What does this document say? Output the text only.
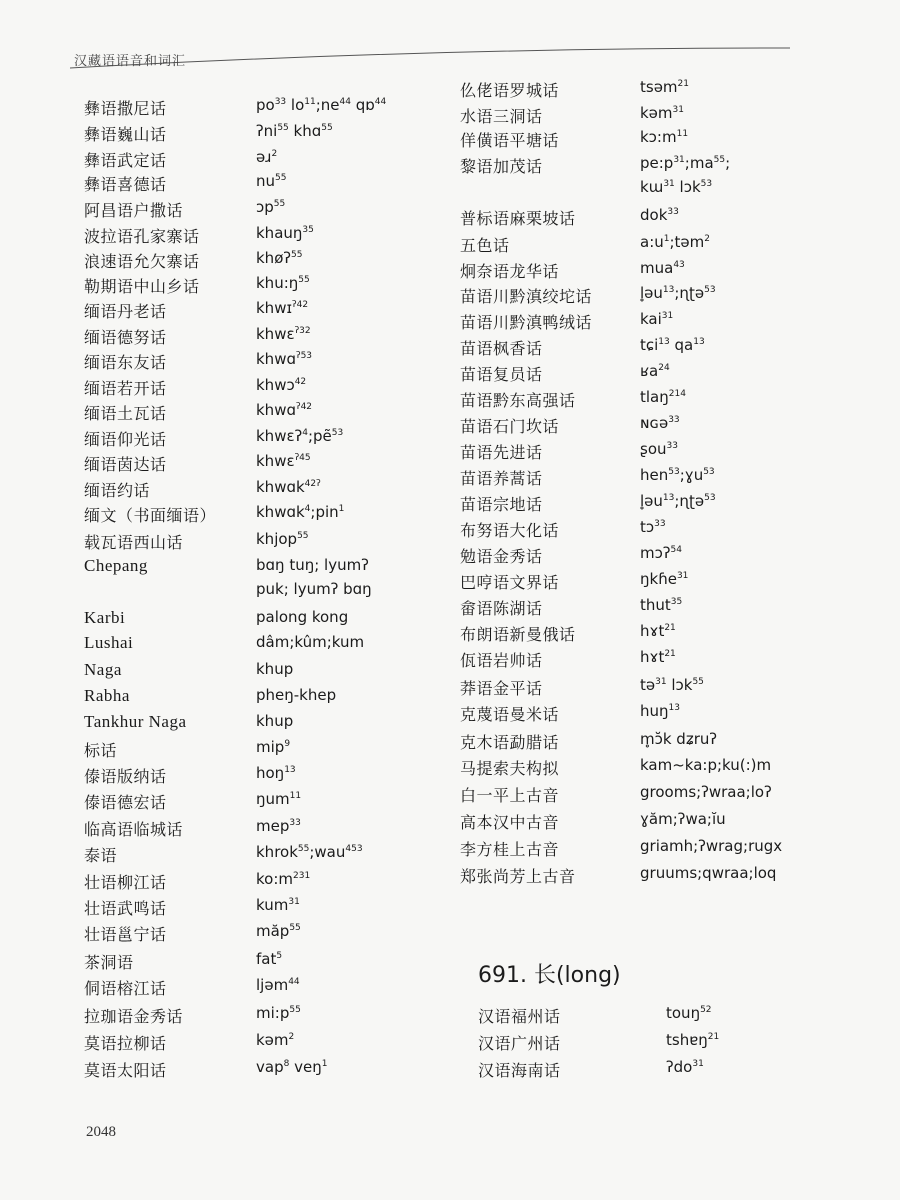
汉藏语语音和词汇
彝语撒尼话	$po^{33}$ $lo^{11};ne^{44}$ qɒ$^{44}$
彝语巍山话	ʔni$^{55}$ khɑ$^{55}$
彝语武定话	əɹ$^2$
彝语喜德话	$nu^{55}$
阿昌语户撒话	ɔp$^{55}$
波拉语孔家寨话	khauŋ$^{35}$
浪速语允欠寨话	khøʔ$^{55}$
勒期语中山乡话	$khu:ŋ^{55}$
缅语丹老话	khwɪ$^{ʔ42}$
缅语德努话	khwɛ$^{ʔ32}$
缅语东友话	khwɑ$^{ʔ53}$
缅语若开话	khwɔ$^{42}$
缅语土瓦话	khwɑ$^{ʔ42}$
缅语仰光话	khwɛʔ$^4$;pẽ$^{53}$
缅语茵达话	khwɛ$^{ʔ45}$
缅语约话	khwɑk$^{42ʔ}$
缅文（书面缅语）	khwɑk$^4$;pin$^1$
载瓦语西山话	khjop$^{55}$
Chepang	bɑŋ tuŋ; lyumʔ
puk; lyumʔ bɑŋ
Karbi	palong kong
Lushai	dâm;kûm;kum
Naga	khup
Rabha	pheŋ-khep
Tankhur Naga	khup
标话	mip$^9$
傣语版纳话	hoŋ$^{13}$
傣语德宏话	ŋum$^{11}$
临高语临城话	mep$^{33}$
泰语	khrok$^{55}$;wau$^{453}$
壮语柳江话	$ko:m^{231}$
壮语武鸣话	kum$^{31}$
壮语邕宁话	măp$^{55}$
茶洞语	fat$^5$
侗语榕江话	ljəm$^{44}$
拉珈语金秀话	$mi:p^{55}$
莫语拉柳话	kəm$^2$
莫语太阳话	vap$^8$ veŋ$^1$
仫佬语罗城话	tsəm$^{21}$
水语三洞话	kəm$^{31}$
佯僙语平塘话	$kɔ:m^{11}$
黎语加茂话	$pe:p^{31};ma^{55}$;
kɯ$^{31}$ lɔk$^{53}$
普标语麻栗坡话	dok$^{33}$
五色话	$a:u^1;təm^2$
炯奈语龙华话	mua$^{43}$
苗语川黔滇绞坨话	l̥əu$^{13}$;ɳʈə$^{53}$
苗语川黔滇鸭绒话	kai$^{31}$
苗语枫香话	tɕi$^{13}$ $qa^{13}$
苗语复员话	ʁa$^{24}$
苗语黔东高强话	tlaŋ$^{214}$
苗语石门坎话	ɴɢə$^{33}$
苗语先进话	ʂou$^{33}$
苗语养蒿话	hen$^{53}$;ɣu$^{53}$
苗语宗地话	l̥əu$^{13}$;ɳʈə$^{53}$
布努语大化话	tɔ$^{33}$
勉语金秀话	mɔʔ$^{54}$
巴哼语文界话	ŋkɦe$^{31}$
畲语陈湖话	thut$^{35}$
布朗语新曼俄话	hɤt$^{21}$
佤语岩帅话	hɤt$^{21}$
莽语金平话	tə$^{31}$ lɔk$^{55}$
克蔑语曼米话	huŋ$^{13}$
克木语勐腊话	m̥ɔ̆k dʑruʔ
马提索夫构拟	kam~ka:p;ku(:)m
白一平上古音	grooms;ʔwraa;loʔ
高本汉中古音	ɣăm;ʔwa;ĭu
李方桂上古音	griamh;ʔwrag;rugx
郑张尚芳上古音	gruums;qwraa;loq
691. 长(long)
汉语福州话	touŋ$^{52}$
汉语广州话	tshɐŋ$^{21}$
汉语海南话	ʔdo$^{31}$
2048
